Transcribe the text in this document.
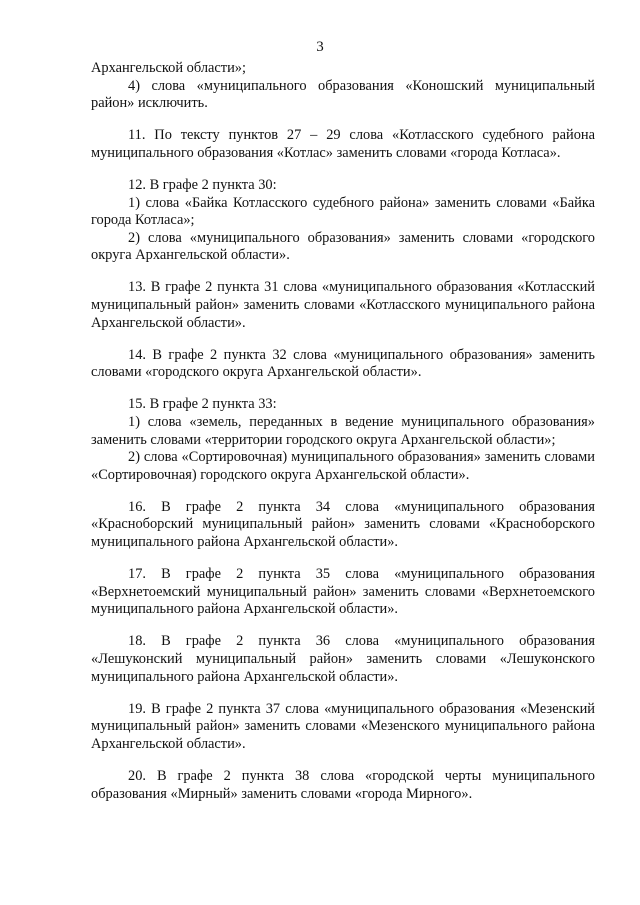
3

Архангельской области»;

4) слова «муниципального образования «Коношский муниципальный район» исключить.

11. По тексту пунктов 27 – 29 слова «Котласского судебного района муниципального образования «Котлас» заменить словами «города Котласа».

12. В графе 2 пункта 30:

1) слова «Байка Котласского судебного района» заменить словами «Байка города Котласа»;

2) слова «муниципального образования» заменить словами «городского округа Архангельской области».

13. В графе 2 пункта 31 слова «муниципального образования «Котласский муниципальный район» заменить словами «Котласского муниципального района Архангельской области».

14. В графе 2 пункта 32 слова «муниципального образования» заменить словами «городского округа Архангельской области».

15. В графе 2 пункта 33:

1) слова «земель, переданных в ведение муниципального образования» заменить словами «территории городского округа Архангельской области»;

2) слова «Сортировочная) муниципального образования» заменить словами «Сортировочная) городского округа Архангельской области».

16. В графе 2 пункта 34 слова «муниципального образования «Красноборский муниципальный район» заменить словами «Красноборского муниципального района Архангельской области».

17. В графе 2 пункта 35 слова «муниципального образования «Верхнетоемский муниципальный район» заменить словами «Верхнетоемского муниципального района Архангельской области».

18. В графе 2 пункта 36 слова «муниципального образования «Лешуконский муниципальный район» заменить словами «Лешуконского муниципального района Архангельской области».

19. В графе 2 пункта 37 слова «муниципального образования «Мезенский муниципальный район» заменить словами «Мезенского муниципального района Архангельской области».

20. В графе 2 пункта 38 слова «городской черты муниципального образования «Мирный» заменить словами «города Мирного».
